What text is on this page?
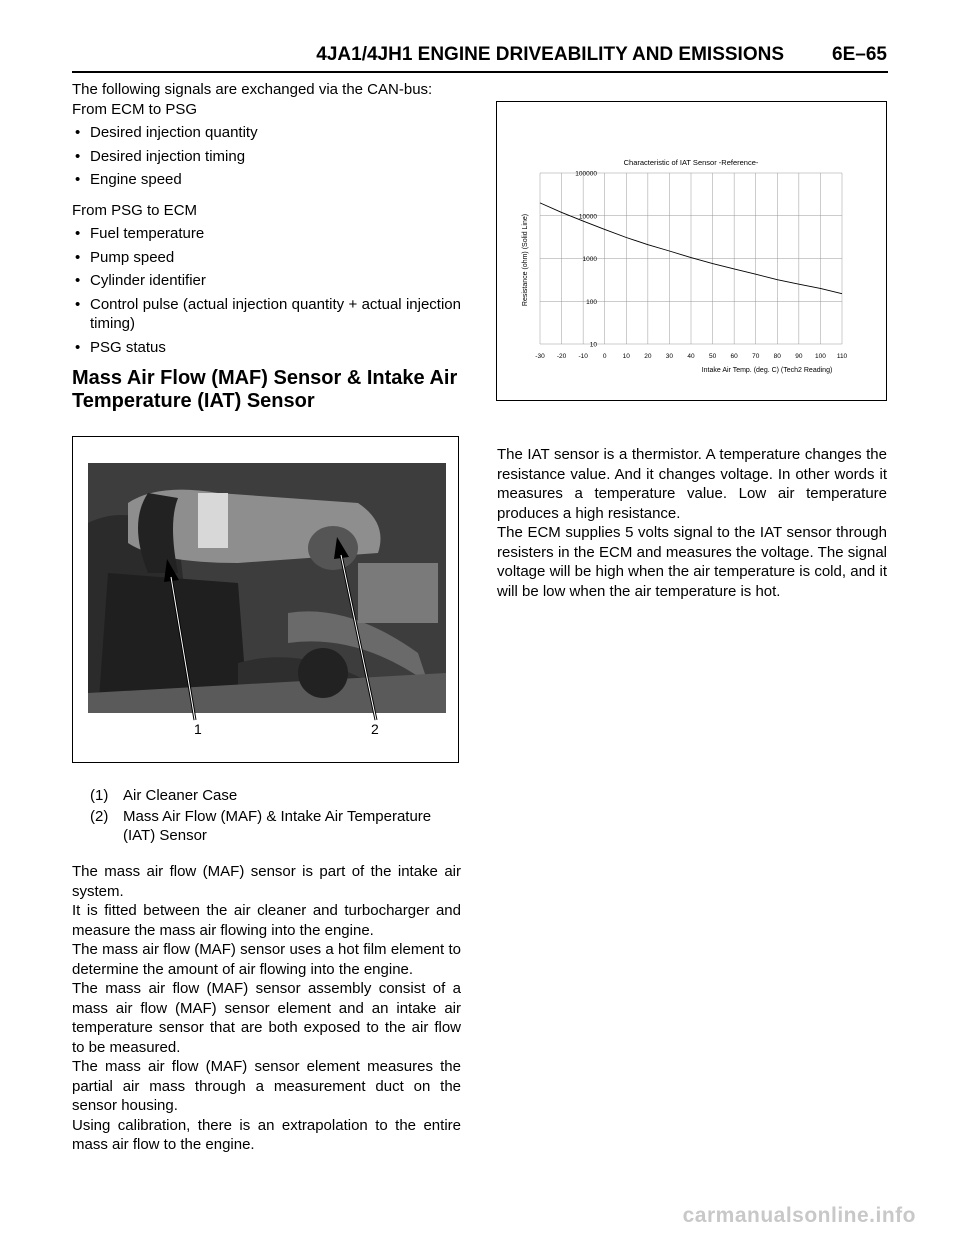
4JA1/4JH1 ENGINE DRIVEABILITY AND EMISSIONS	6E–65

The following signals are exchanged via the CAN-bus:

From ECM to PSG

• Desired injection quantity
• Desired injection timing
• Engine speed

From PSG to ECM

• Fuel temperature
• Pump speed
• Cylinder identifier
• Control pulse (actual injection quantity + actual injection timing)
• PSG status
Mass Air Flow (MAF) Sensor & Intake Air Temperature (IAT) Sensor
1	2
(1) Air Cleaner Case
(2) Mass Air Flow (MAF) & Intake Air Temperature (IAT) Sensor

The mass air flow (MAF) sensor is part of the intake air system.

It is fitted between the air cleaner and turbocharger and measure the mass air flowing into the engine.

The mass air flow (MAF) sensor uses a hot film element to determine the amount of air flowing into the engine.

The mass air flow (MAF) sensor assembly consist of a mass air flow (MAF) sensor element and an intake air temperature sensor that are both exposed to the air flow to be measured.

The mass air flow (MAF) sensor element measures the partial air mass through a measurement duct on the sensor housing.

Using calibration, there is an extrapolation to the entire mass air flow to the engine.

Characteristic of IAT Sensor -Reference-
100000
10000
1000
100
10
-30 -20 -10 0 10 20 30 40 50 60 70 80 90 100 110
Intake Air Temp. (deg. C) (Tech2 Reading)
Resistance (ohm) (Solid Line)

The IAT sensor is a thermistor. A temperature changes the resistance value. And it changes voltage. In other words it measures a temperature value. Low air temperature produces a high resistance.

The ECM supplies 5 volts signal to the IAT sensor through resisters in the ECM and measures the voltage. The signal voltage will be high when the air temperature is cold, and it will be low when the air temperature is hot.

carmanualsonline.info
